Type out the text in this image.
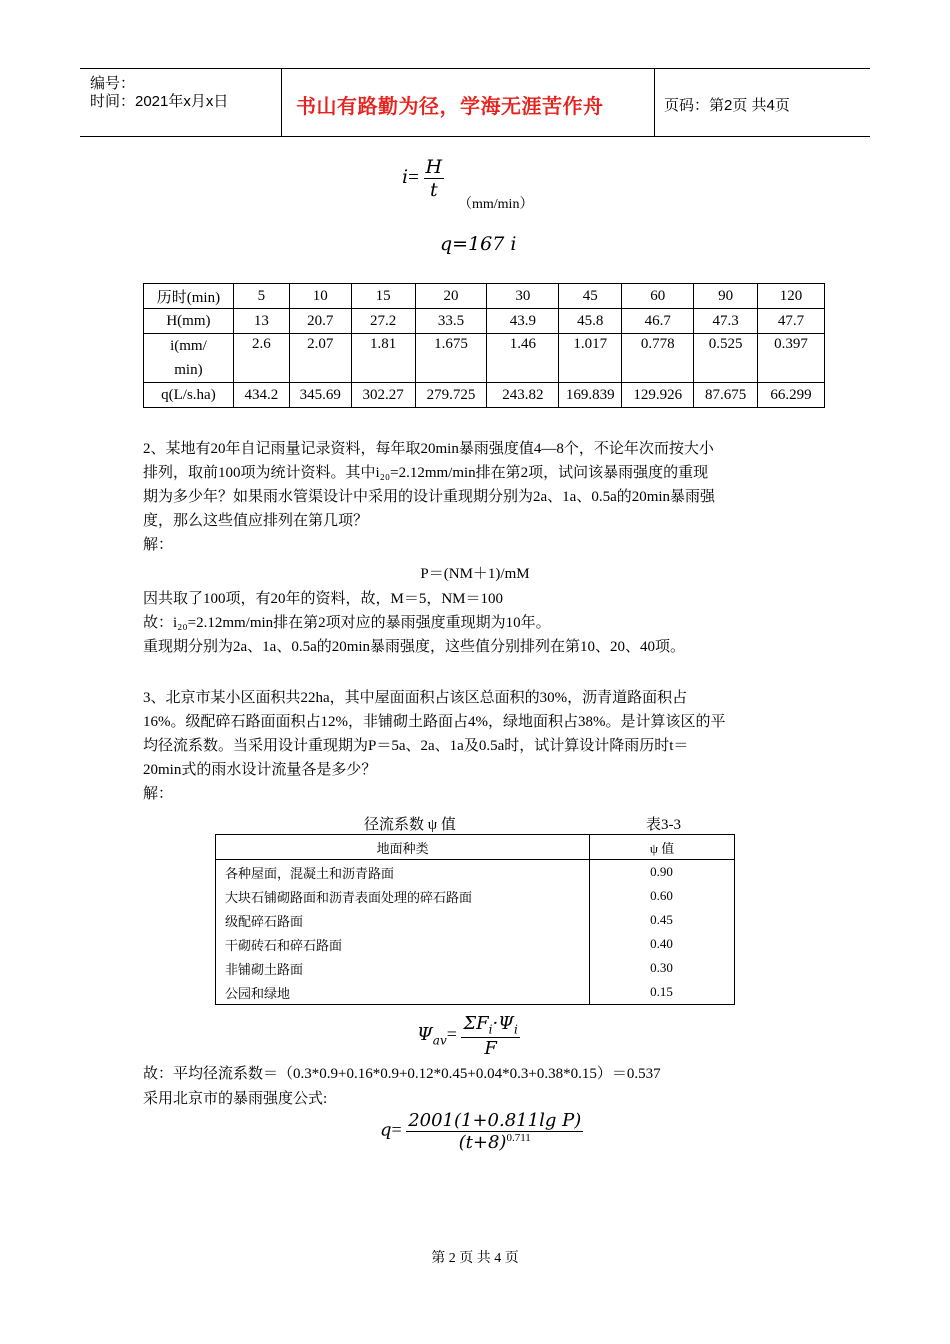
编号：
时间：2021年x月x日	书山有路勤为径，学海无涯苦作舟	页码：第2页 共4页
$i= \frac{H}{t}$
（mm/min）
q=167 i
历时(min)	5	10	15	20	30	45	60	90	120
H(mm)	13	20.7	27.2	33.5	43.9	45.8	46.7	47.3	47.7
i(mm/ min)	2.6	2.07	1.81	1.675	1.46	1.017	0.778	0.525	0.397
q(L/s.ha)	434.2	345.69	302.27	279.725	243.82	169.839	129.926	87.675	66.299
2、某地有20年自记雨量记录资料，每年取20min暴雨强度值4—8个，不论年次而按大小
排列，取前100项为统计资料。其中i₂₀=2.12mm/min排在第2项，试问该暴雨强度的重现
期为多少年？如果雨水管渠设计中采用的设计重现期分别为2a、1a、0.5a的20min暴雨强
度，那么这些值应排列在第几项？
解：
P＝(NM＋1)/mM
因共取了100项，有20年的资料，故，M＝5，NM＝100
故：i₂₀=2.12mm/min排在第2项对应的暴雨强度重现期为10年。
重现期分别为2a、1a、0.5a的20min暴雨强度，这些值分别排列在第10、20、40项。
3、北京市某小区面积共22ha，其中屋面面积占该区总面积的30%，沥青道路面积占
16%。级配碎石路面面积占12%，非铺砌土路面占4%，绿地面积占38%。是计算该区的平
均径流系数。当采用设计重现期为P＝5a、2a、1a及0.5a时，试计算设计降雨历时t＝
20min式的雨水设计流量各是多少？
解：
径流系数 ψ 值	表3-3
地面种类	ψ 值
各种屋面，混凝土和沥青路面	0.90
大块石铺砌路面和沥青表面处理的碎石路面	0.60
级配碎石路面	0.45
干砌砖石和碎石路面	0.40
非铺砌土路面	0.30
公园和绿地	0.15
$\Psi_{av}= \frac{\Sigma F_i\cdot\Psi_i}{F}$
故：平均径流系数＝（0.3*0.9+0.16*0.9+0.12*0.45+0.04*0.3+0.38*0.15）＝0.537
采用北京市的暴雨强度公式:
$q= \frac{\text{2001(1+0.811lg P)}}{(t+8)^{0.711}}$
第 2 页 共 4 页
